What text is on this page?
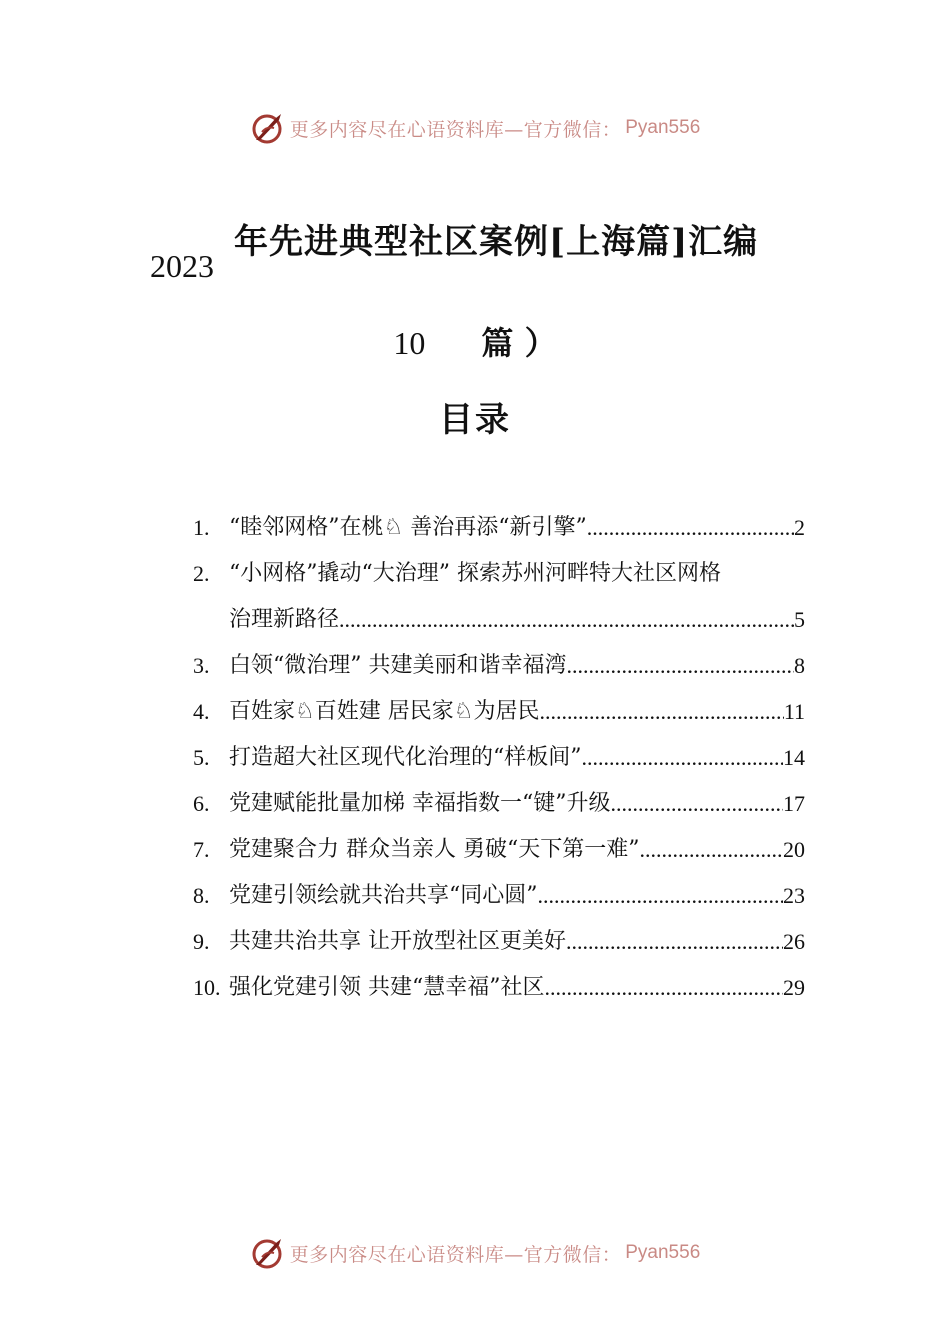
更多内容尽在心语资料库—官方微信： Pyan556
年先进典型社区案例[上海篇]汇编
2023
10 篇 ）
目录
1. “睦邻网格”在桃♘ 善治再添“新引擎” .....	2
2. “小网格”撬动“大治理” 探索苏州河畔特大社区网格
治理新路径 .....	5
3. 白领“微治理” 共建美丽和谐幸福湾 .....	8
4. 百姓家♘百姓建 居民家♘为居民 .....	11
5. 打造超大社区现代化治理的“样板间” .....	14
6. 党建赋能批量加梯 幸福指数一“键”升级 .....	17
7. 党建聚合力 群众当亲人 勇破“天下第一难” .....	20
8. 党建引领绘就共治共享“同心圆” .....	23
9. 共建共治共享 让开放型社区更美好 .....	26
10. 强化党建引领 共建“慧幸福”社区 .....	29
更多内容尽在心语资料库—官方微信： Pyan556
